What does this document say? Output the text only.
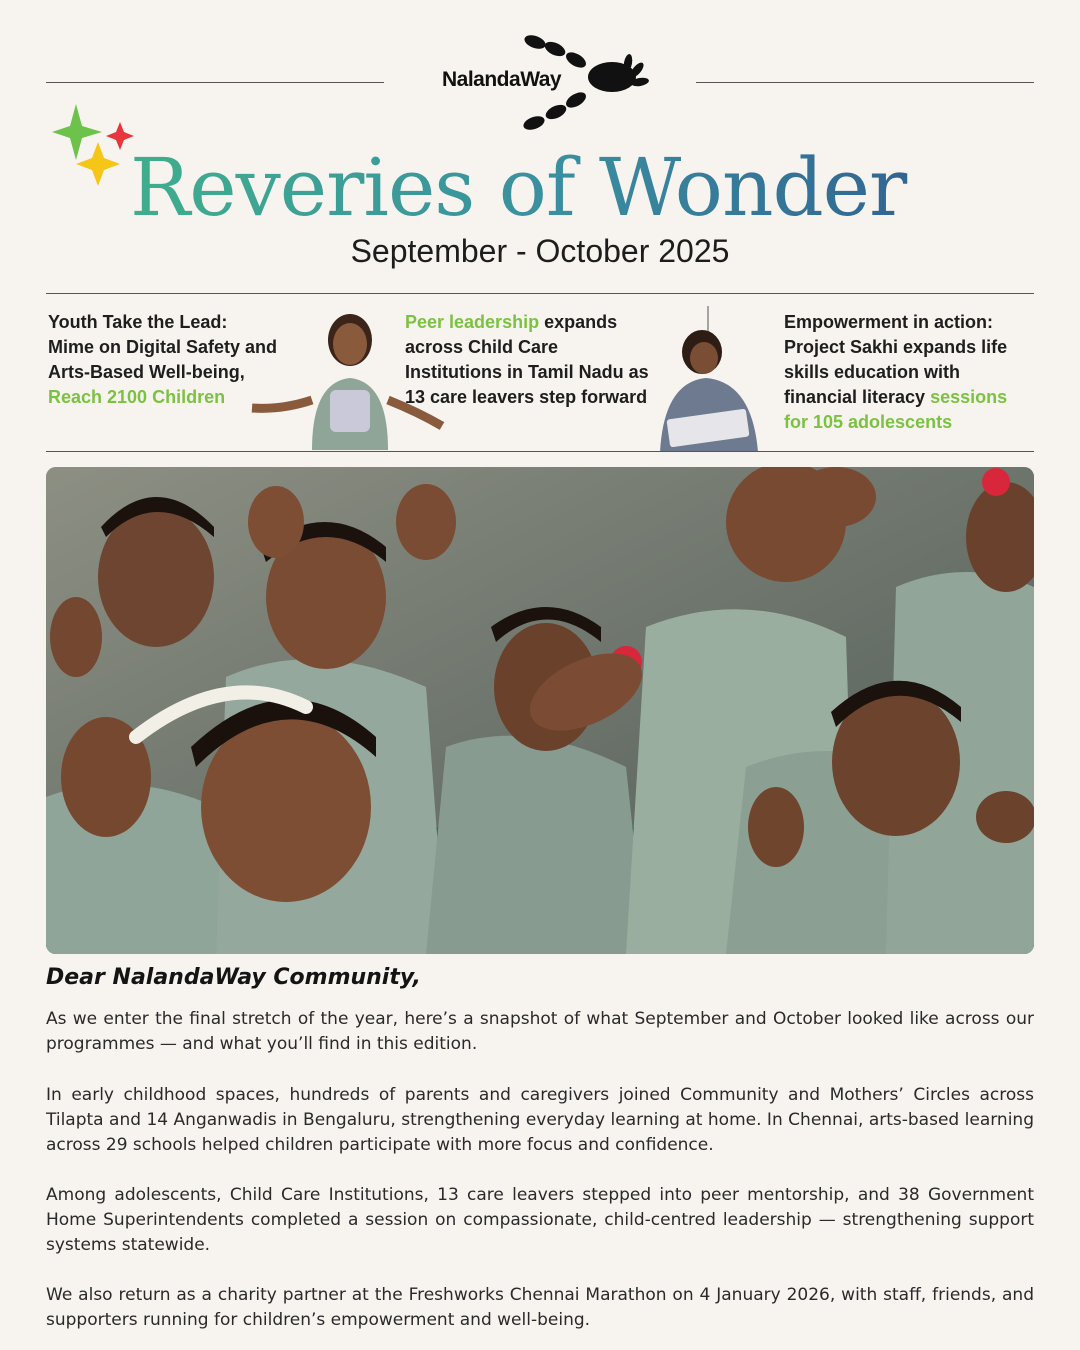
NalandaWay
Reveries of Wonder
September - October 2025
Youth Take the Lead:
Mime on Digital Safety and
Arts-Based Well-being,
Reach 2100 Children
Peer leadership expands
across Child Care
Institutions in Tamil Nadu as
13 care leavers step forward
Empowerment in action:
Project Sakhi expands life
skills education with
financial literacy sessions
for 105 adolescents
Dear NalandaWay Community,

As we enter the final stretch of the year, here’s a snapshot of what September and October looked like across our programmes — and what you’ll find in this edition.

In early childhood spaces, hundreds of parents and caregivers joined Community and Mothers’ Circles across Tilapta and 14 Anganwadis in Bengaluru, strengthening everyday learning at home. In Chennai, arts-based learning across 29 schools helped children participate with more focus and confidence.

Among adolescents, Child Care Institutions, 13 care leavers stepped into peer mentorship, and 38 Government Home Superintendents completed a session on compassionate, child-centred leadership — strengthening support systems statewide.

We also return as a charity partner at the Freshworks Chennai Marathon on 4 January 2026, with staff, friends, and supporters running for children’s empowerment and well-being.
